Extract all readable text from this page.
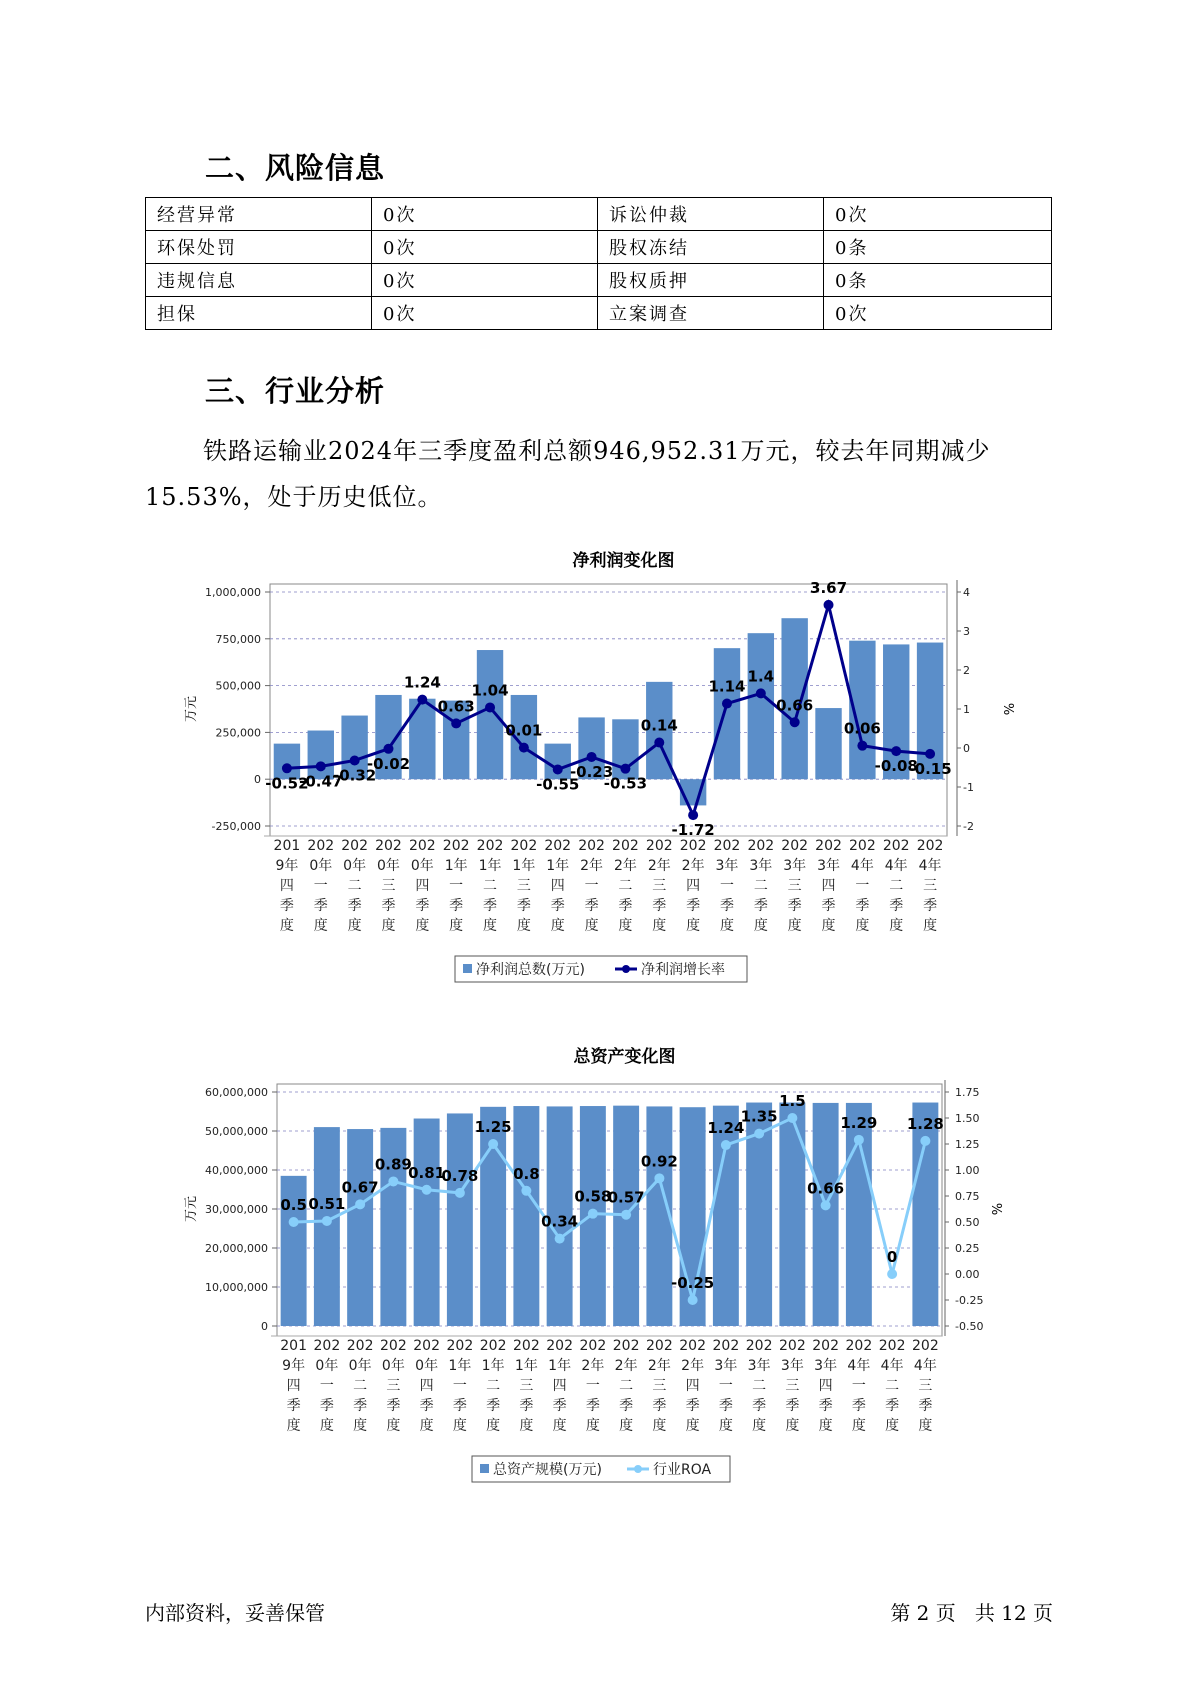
二、风险信息
经营异常	0次	诉讼仲裁	0次
环保处罚	0次	股权冻结	0条
违规信息	0次	股权质押	0条
担保	0次	立案调查	0次
三、行业分析
铁路运输业2024年三季度盈利总额946,952.31万元，较去年同期减少15.53%，处于历史低位。
净利润变化图
1,000,000
750,000
500,000
250,000
0
-250,000
4
3
2
1
0
-1
-2
万元	%
-0.52
-0.47
-0.32
-0.02
1.24
0.63
1.04
0.01
-0.55
-0.23
-0.53
0.14
-1.72
1.14
1.4
0.66
3.67
0.06
-0.08
-0.15
201
9年
四
季
度
202
0年
一
季
度
202
0年
二
季
度
202
0年
三
季
度
202
0年
四
季
度
202
1年
一
季
度
202
1年
二
季
度
202
1年
三
季
度
202
1年
四
季
度
202
2年
一
季
度
202
2年
二
季
度
202
2年
三
季
度
202
2年
四
季
度
202
3年
一
季
度
202
3年
二
季
度
202
3年
三
季
度
202
3年
四
季
度
202
4年
一
季
度
202
4年
二
季
度
202
4年
三
季
度
净利润总数(万元)	净利润增长率
总资产变化图
60,000,000
50,000,000
40,000,000
30,000,000
20,000,000
10,000,000
0
1.75
1.50
1.25
1.00
0.75
0.50
0.25
0.00
-0.25
-0.50
万元	%
0.5 0.51
0.67
0.89
0.81
0.78
1.25
0.8
0.34
0.58
0.57
0.92
-0.25
1.24
1.35
1.5
0.66
1.29
0
1.28
201
9年
四
季
度
202
0年
一
季
度
202
0年
二
季
度
202
0年
三
季
度
202
0年
四
季
度
202
1年
一
季
度
202
1年
二
季
度
202
1年
三
季
度
202
1年
四
季
度
202
2年
一
季
度
202
2年
二
季
度
202
2年
三
季
度
202
2年
四
季
度
202
3年
一
季
度
202
3年
二
季
度
202
3年
三
季
度
202
3年
四
季
度
202
4年
一
季
度
202
4年
二
季
度
202
4年
三
季
度
总资产规模(万元)	行业ROA
内部资料，妥善保管	第 2 页   共 12 页
